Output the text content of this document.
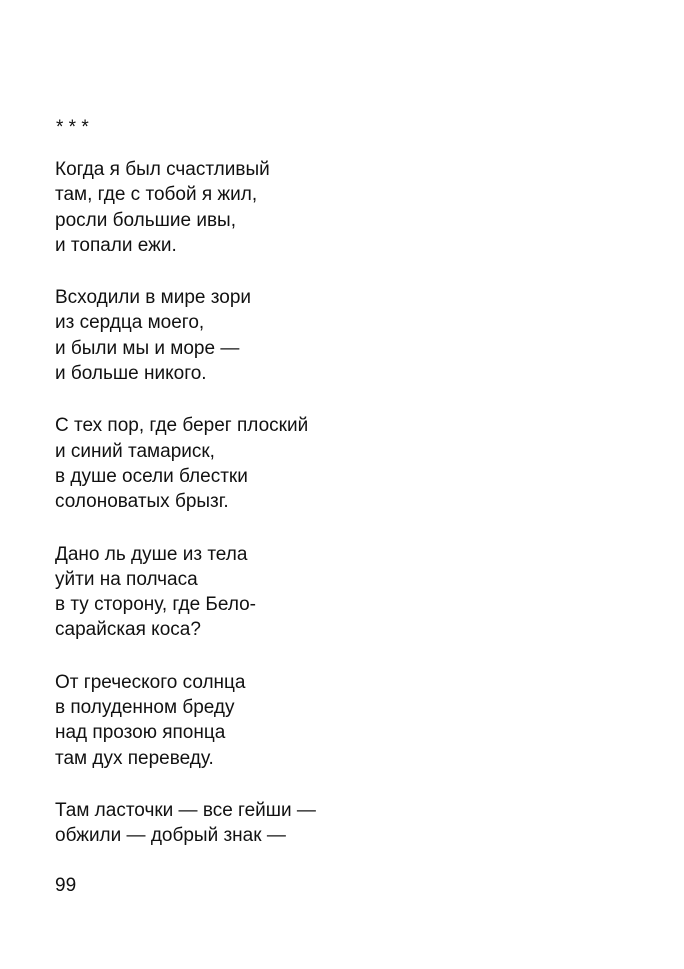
* * *
Когда я был счастливый
там, где с тобой я жил,
росли большие ивы,
и топали ежи.
Всходили в мире зори
из сердца моего,
и были мы и море —
и больше никого.
С тех пор, где берег плоский
и синий тамариск,
в душе осели блестки
солоноватых брызг.
Дано ль душе из тела
уйти на полчаса
в ту сторону, где Бело-
сарайская коса?
От греческого солнца
в полуденном бреду
над прозою японца
там дух переведу.
Там ласточки — все гейши —
обжили — добрый знак —
99
